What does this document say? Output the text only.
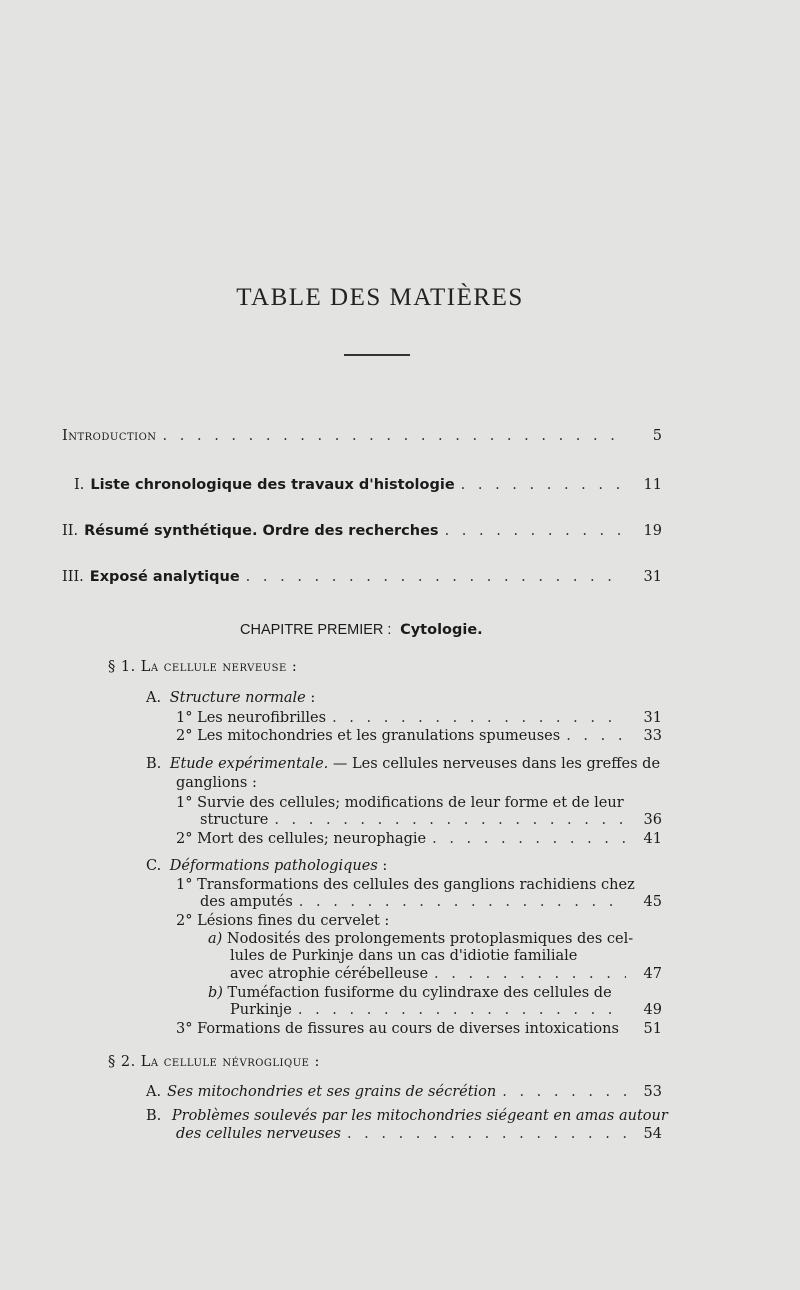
TABLE DES MATIÈRES
Introduction . . .	5
I. Liste chronologique des travaux d'histologie . . .	11
II. Résumé synthétique. Ordre des recherches . . .	19
III. Exposé analytique . . .	31
CHAPITRE PREMIER : Cytologie.
§ 1. La cellule nerveuse :
A. Structure normale :
1° Les neurofibrilles . . .	31
2° Les mitochondries et les granulations spumeuses . . .	33
B. Etude expérimentale. — Les cellules nerveuses dans les greffes de
ganglions :
1° Survie des cellules; modifications de leur forme et de leur
structure . . .	36
2° Mort des cellules; neurophagie . . .	41
C. Déformations pathologiques :
1° Transformations des cellules des ganglions rachidiens chez
des amputés . . .	45
2° Lésions fines du cervelet :
a) Nodosités des prolongements protoplasmiques des cel-
lules de Purkinje dans un cas d'idiotie familiale
avec atrophie cérébelleuse . . .	47
b) Tuméfaction fusiforme du cylindraxe des cellules de
Purkinje . . .	49
3° Formations de fissures au cours de diverses intoxications . . .	51
§ 2. La cellule névroglique :
A. Ses mitochondries et ses grains de sécrétion . . .	53
B. Problèmes soulevés par les mitochondries siégeant en amas autour
des cellules nerveuses . . .	54
